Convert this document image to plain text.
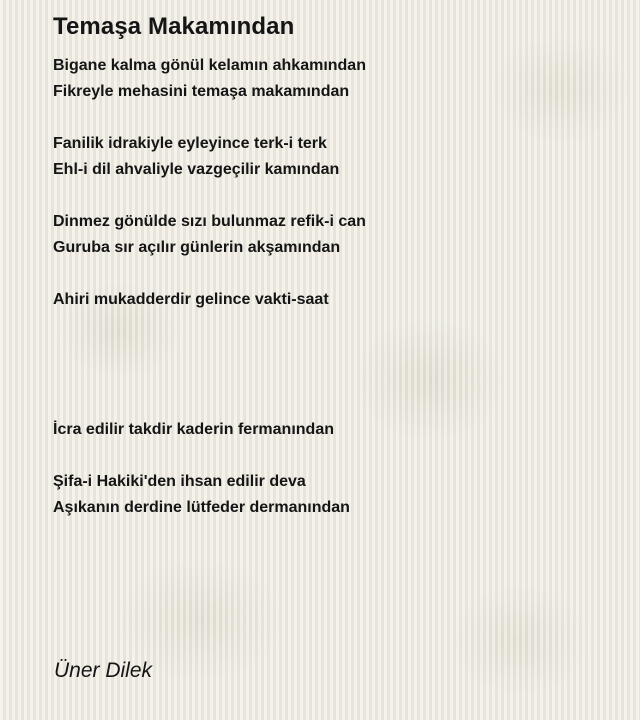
Temaşa Makamından
Bigane kalma gönül kelamın ahkamından
Fikreyle mehasini temaşa makamından
Fanilik idrakiyle eyleyince terk-i terk
Ehl-i dil ahvaliyle vazgeçilir kamından
Dinmez gönülde sızı bulunmaz refik-i can
Guruba sır açılır günlerin akşamından
Ahiri mukadderdir gelince vakti-saat
İcra edilir takdir kaderin fermanından
Şifa-i Hakiki'den ihsan edilir deva
Aşıkanın derdine lütfeder dermanından
Üner Dilek
